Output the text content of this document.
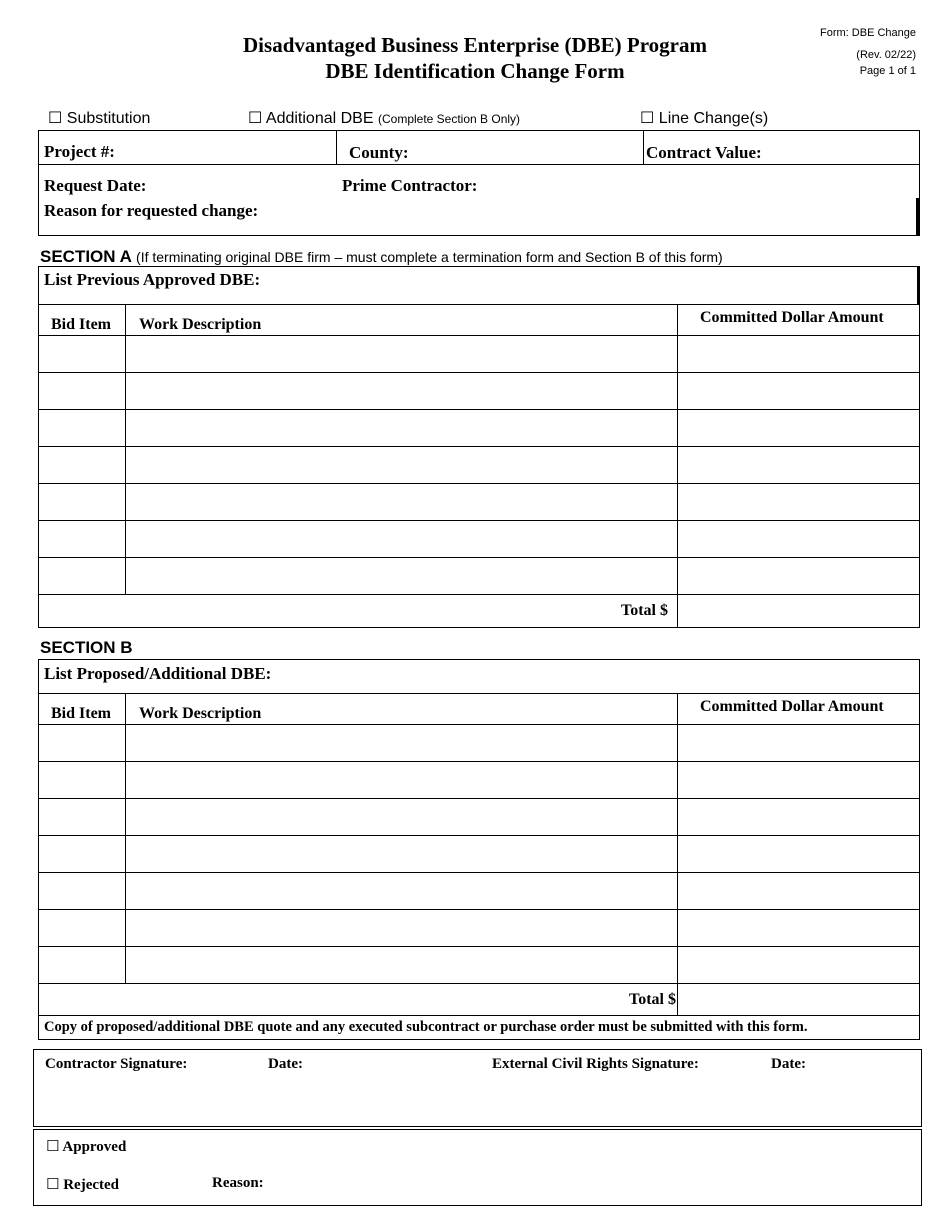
Disadvantaged Business Enterprise (DBE) Program
DBE Identification Change Form
Form: DBE Change
(Rev. 02/22)
Page 1 of 1
☐ Substitution	☐ Additional DBE (Complete Section B Only)	☐ Line Change(s)
Project #:	County:	Contract Value:
Request Date:	Prime Contractor:
Reason for requested change:
SECTION A (If terminating original DBE firm – must complete a termination form and Section B of this form)
List Previous Approved DBE:
Bid Item	Work Description	Committed Dollar Amount

Total $		
SECTION B
List Proposed/Additional DBE:
Bid Item	Work Description	Committed Dollar Amount

Total $		

Copy of proposed/additional DBE quote and any executed subcontract or purchase order must be submitted with this form.		
Contractor Signature:	Date:	External Civil Rights Signature:	Date:
☐ Approved
☐ Rejected	Reason:
